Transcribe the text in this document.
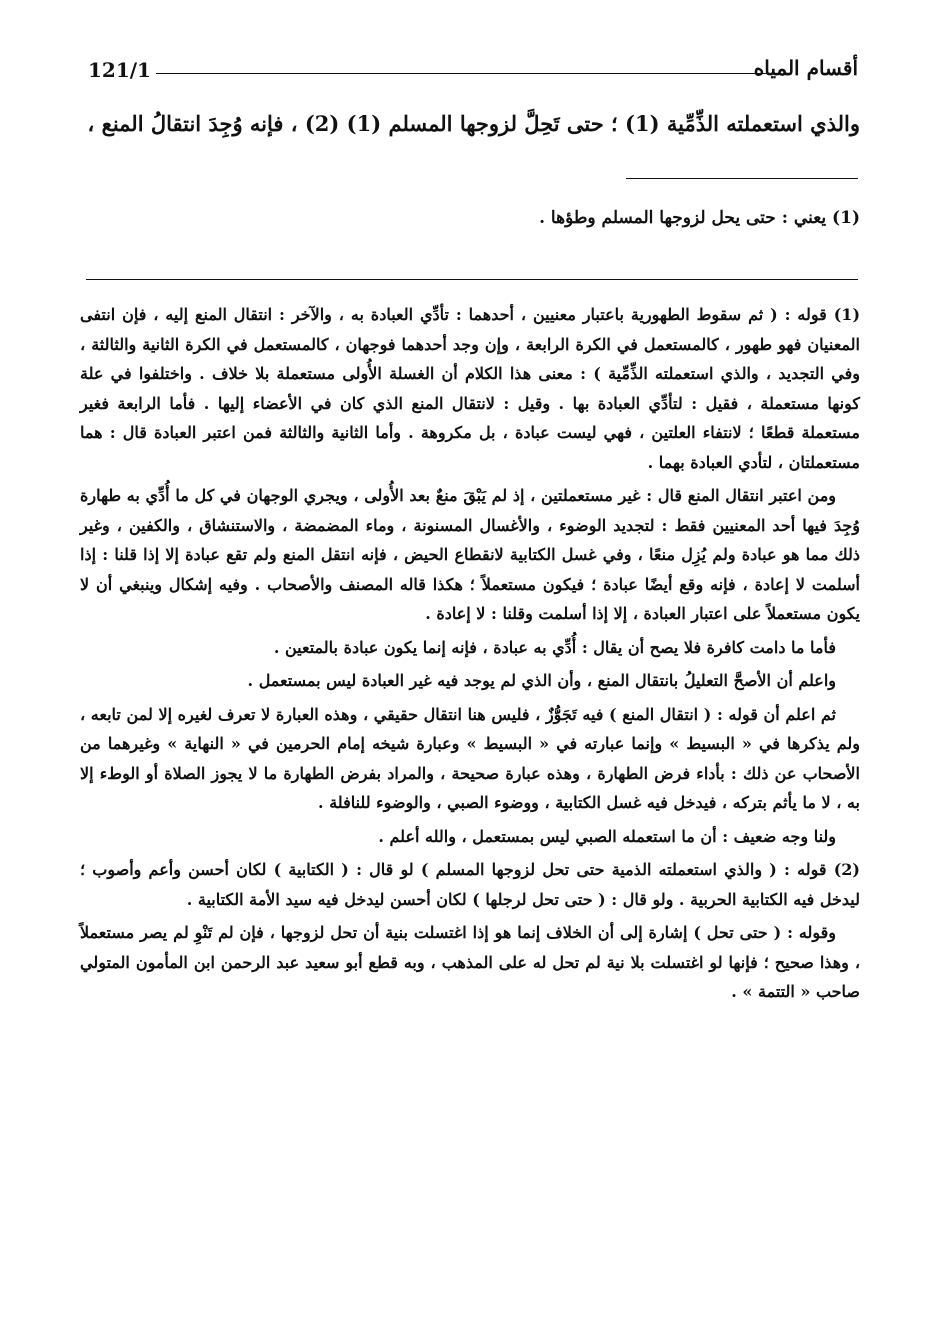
121/1	أقسام المياه
والذي استعملته الذِّمِّية (1) ؛ حتى تَحِلَّ لزوجها المسلم (1) (2) ، فإنه وُجِدَ انتقالُ المنع ،
(1) يعني : حتى يحل لزوجها المسلم وطؤها .

(1) قوله : ( ثم سقوط الطهورية باعتبار معنيين ، أحدهما : تأدِّي العبادة به ، والآخر : انتقال المنع إليه ، فإن انتفى المعنيان فهو طهور ، كالمستعمل في الكرة الرابعة ، وإن وجد أحدهما فوجهان ، كالمستعمل في الكرة الثانية والثالثة ، وفي التجديد ، والذي استعملته الذِّمِّية ) : معنى هذا الكلام أن الغسلة الأُولى مستعملة بلا خلاف . واختلفوا في علة كونها مستعملة ، فقيل : لتأدِّي العبادة بها . وقيل : لانتقال المنع الذي كان في الأعضاء إليها . فأما الرابعة فغير مستعملة قطعًا ؛ لانتفاء العلتين ، فهي ليست عبادة ، بل مكروهة . وأما الثانية والثالثة فمن اعتبر العبادة قال : هما مستعملتان ، لتأدي العبادة بهما .

ومن اعتبر انتقال المنع قال : غير مستعملتين ، إذ لم يَبْقَ منعٌ بعد الأُولى ، ويجري الوجهان في كل ما أُدِّي به طهارة وُجِدَ فيها أحد المعنيين فقط : لتجديد الوضوء ، والأغسال المسنونة ، وماء المضمضة ، والاستنشاق ، والكفين ، وغير ذلك مما هو عبادة ولم يُزِل منعًا ، وفي غسل الكتابية لانقطاع الحيض ، فإنه انتقل المنع ولم تقع عبادة إلا إذا قلنا : إذا أسلمت لا إعادة ، فإنه وقع أيضًا عبادة ؛ فيكون مستعملاً ؛ هكذا قاله المصنف والأصحاب . وفيه إشكال وينبغي أن لا يكون مستعملاً على اعتبار العبادة ، إلا إذا أسلمت وقلنا : لا إعادة .

فأما ما دامت كافرة فلا يصح أن يقال : أُدِّي به عبادة ، فإنه إنما يكون عبادة بالمتعين .

واعلم أن الأصحَّ التعليلُ بانتقال المنع ، وأن الذي لم يوجد فيه غير العبادة ليس بمستعمل .

ثم اعلم أن قوله : ( انتقال المنع ) فيه تَجَوُّزٌ ، فليس هنا انتقال حقيقي ، وهذه العبارة لا تعرف لغيره إلا لمن تابعه ، ولم يذكرها في « البسيط » وإنما عبارته في « البسيط » وعبارة شيخه إمام الحرمين في « النهاية » وغيرهما من الأصحاب عن ذلك : بأداء فرض الطهارة ، وهذه عبارة صحيحة ، والمراد بفرض الطهارة ما لا يجوز الصلاة أو الوطء إلا به ، لا ما يأثم بتركه ، فيدخل فيه غسل الكتابية ، ووضوء الصبي ، والوضوء للنافلة .

ولنا وجه ضعيف : أن ما استعمله الصبي ليس بمستعمل ، والله أعلم .

(2) قوله : ( والذي استعملته الذمية حتى تحل لزوجها المسلم ) لو قال : ( الكتابية ) لكان أحسن وأعم وأصوب ؛ ليدخل فيه الكتابية الحربية . ولو قال : ( حتى تحل لرجلها ) لكان أحسن ليدخل فيه سيد الأمة الكتابية .

وقوله : ( حتى تحل ) إشارة إلى أن الخلاف إنما هو إذا اغتسلت بنية أن تحل لزوجها ، فإن لم تَنْوِ لم يصر مستعملاً ، وهذا صحيح ؛ فإنها لو اغتسلت بلا نية لم تحل له على المذهب ، وبه قطع أبو سعيد عبد الرحمن ابن المأمون المتولي صاحب « التتمة » .
